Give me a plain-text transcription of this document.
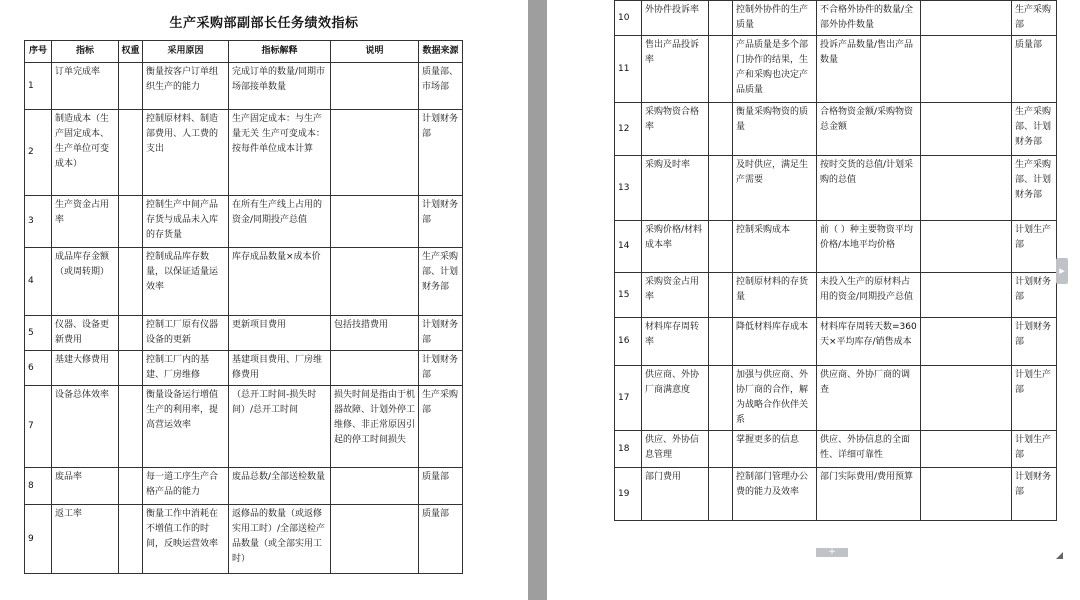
生产采购部副部长任务绩效指标
序号	指标	权重	采用原因	指标解释	说明	数据来源
1	订单完成率		衡量按客户订单组织生产的能力	完成订单的数量/同期市场部接单数量		质量部、市场部
2	制造成本（生产固定成本、生产单位可变成本）		控制原材料、制造部费用、人工费的支出	生产固定成本：与生产量无关 生产可变成本：按每件单位成本计算		计划财务部
3	生产资金占用率		控制生产中间产品存货与成品未入库的存货量	在所有生产线上占用的资金/同期投产总值		计划财务部
4	成品库存金额（或周转期）		控制成品库存数量，以保证适量运效率	库存成品数量×成本价		生产采购部、计划财务部
5	仪器、设备更新费用		控制工厂原有仪器设备的更新	更新项目费用	包括技措费用	计划财务部
6	基建大修费用		控制工厂内的基建、厂房维修	基建项目费用、厂房维修费用		计划财务部
7	设备总体效率		衡量设备运行增值生产的利用率，提高营运效率	（总开工时间-损失时间）/总开工时间	损失时间是指由于机器故障、计划外停工维修、非正常原因引起的停工时间损失	生产采购部
8	废品率		每一道工序生产合格产品的能力	废品总数/全部送检数量		质量部
9	返工率		衡量工作中消耗在不增值工作的时间，反映运营效率	返修品的数量（或返修实用工时）/全部送检产品数量（或全部实用工时）		质量部
10	外协件投诉率		控制外协件的生产质量	不合格外协件的数量/全部外协件数量		生产采购部
11	售出产品投诉率		产品质量是多个部门协作的结果，生产和采购也决定产品质量	投诉产品数量/售出产品数量		质量部
12	采购物资合格率		衡量采购物资的质量	合格物资金额/采购物资总金额		生产采购部、计划财务部
13	采购及时率		及时供应，满足生产需要	按时交货的总值/计划采购的总值		生产采购部、计划财务部
14	采购价格/材料成本率		控制采购成本	前（ ）种主要物资平均价格/本地平均价格		计划生产部
15	采购资金占用率		控制原材料的存货量	未投入生产的原材料占用的资金/同期投产总值		计划财务部
16	材料库存周转率		降低材料库存成本	材料库存周转天数=360天×平均库存/销售成本		计划财务部
17	供应商、外协厂商满意度		加强与供应商、外协厂商的合作，解为战略合作伙伴关系	供应商、外协厂商的调查		计划生产部
18	供应、外协信息管理		掌握更多的信息	供应、外协信息的全面性、详细可靠性		计划生产部
19	部门费用		控制部门管理办公费的能力及效率	部门实际费用/费用预算		计划财务部
▸
+
